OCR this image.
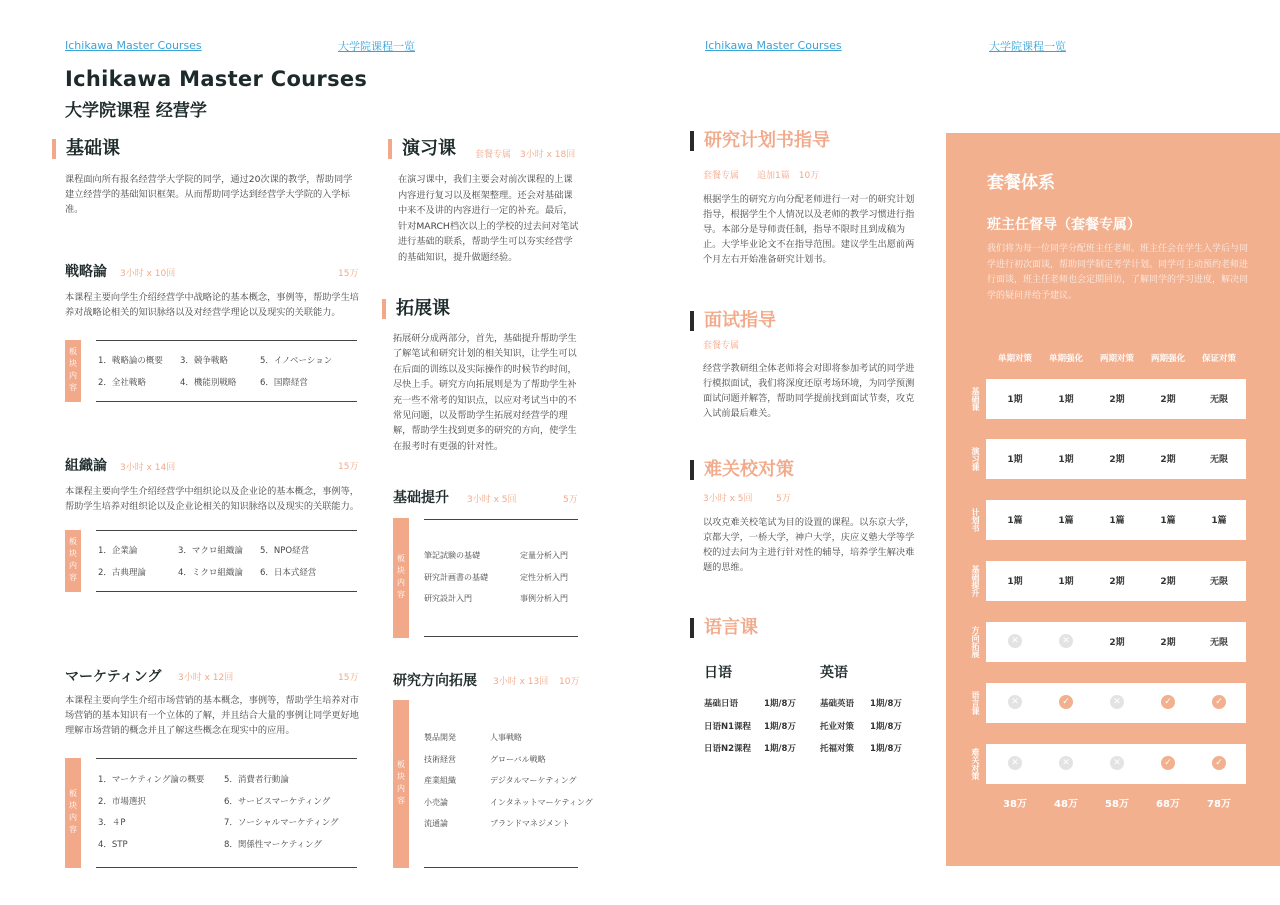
Ichikawa Master Courses	大学院课程一览
Ichikawa Master Courses
大学院课程 经营学
基础课
课程面向所有报名经营学大学院的同学，通过20次课的教学，帮助同学建立经营学的基础知识框架。从而帮助同学达到经营学大学院的入学标准。
戦略論 3小时 x 10回	15万
本课程主要向学生介绍经营学中战略论的基本概念，事例等，帮助学生培养对战略论相关的知识脉络以及对经营学理论以及现实的关联能力。
板块内容	1．戦略論の概要 3．競争戦略	5．イノベーション
2．全社戦略	4．機能別戦略	6．国際経営
組織論 3小时 x 14回	15万
本课程主要向学生介绍经营学中组织论以及企业论的基本概念，事例等，帮助学生培养对组织论以及企业论相关的知识脉络以及现实的关联能力。
板块内容	1．企業論	3．マクロ組織論 5．NPO経営
2．古典理論	4．ミクロ組織論 6．日本式経営
マーケティング 3小时 x 12回	15万
本课程主要向学生介绍市场营销的基本概念，事例等，帮助学生培养对市场营销的基本知识有一个立体的了解，并且结合大量的事例让同学更好地理解市场营销的概念并且了解这些概念在现实中的应用。
板块内容
1．マーケティング論の概要 5．消費者行動論
2．市場選択	6．サービスマーケティング
3．４P	7．ソーシャルマーケティング
4．STP	8．関係性マーケティング
演习课 套餐专属　3小时 x 18回
在演习课中，我们主要会对前次课程的上课内容进行复习以及框架整理。还会对基础课中来不及讲的内容进行一定的补充。最后，针对MARCH档次以上的学校的过去问对笔试进行基础的联系，帮助学生可以夯实经营学的基础知识，提升做题经验。
拓展课
拓展研分成两部分，首先，基础提升帮助学生了解笔试和研究计划的相关知识，让学生可以在后面的训练以及实际操作的时候节约时间，尽快上手。研究方向拓展则是为了帮助学生补充一些不常考的知识点，以应对考试当中的不常见问题，以及帮助学生拓展对经营学的理解，帮助学生找到更多的研究的方向，使学生在报考时有更强的针对性。
基础提升 3小时 x 5回	5万
板块内容	筆記試験の基礎	定量分析入門
研究計画書の基礎	定性分析入門
研究設計入門	事例分析入門
研究方向拓展 3小时 x 13回 10万
板块内容
製品開発	人事戦略
技術経営	グローバル戦略
産業組織	デジタルマーケティング
小売論	インタネットマーケティング
流通論	ブランドマネジメント
Ichikawa Master Courses	大学院课程一览
研究计划书指导
套餐专属　　追加1篇　10万
根据学生的研究方向分配老师进行一对一的研究计划指导，根据学生个人情况以及老师的教学习惯进行指导。本部分是导师责任制，指导不限时且到成稿为止。大学毕业论文不在指导范围。建议学生出愿前两个月左右开始准备研究计划书。
面试指导
套餐专属
经营学教研组全体老师将会对即将参加考试的同学进行模拟面试，我们将深度还原考场环境，为同学预测面试问题并解答，帮助同学提前找到面试节奏，攻克入试前最后难关。
难关校对策
3小时 x 5回	5万
以攻克难关校笔试为目的设置的课程。以东京大学，京都大学，一桥大学，神户大学，庆应义塾大学等学校的过去问为主进行针对性的辅导，培养学生解决难题的思维。
语言课
日语	英语
基础日语	1期/8万
日语N1课程 1期/8万
日语N2课程 1期/8万
基础英语 1期/8万
托业对策 1期/8万
托福对策 1期/8万
套餐体系
班主任督导（套餐专属）
我们将为每一位同学分配班主任老师。班主任会在学生入学后与同学进行初次面谈，帮助同学制定考学计划。同学可主动预约老师进行面谈，班主任老师也会定期回访，了解同学的学习进度，解决同学的疑问并给予建议。
单期对策	单期强化	两期对策	两期强化	保证对策
基础课	1期	1期	2期	2期	无限
演习课	1期	1期	2期	2期	无限
计划书	1篇	1篇	1篇	1篇	1篇
基础提升	1期	1期	2期	2期	无限
方向拓展	✕	✕	2期	2期	无限
语言课	✕	✓	✕	✓	✓
难关对策	✕	✕	✕	✓	✓
38万	48万	58万	68万	78万
